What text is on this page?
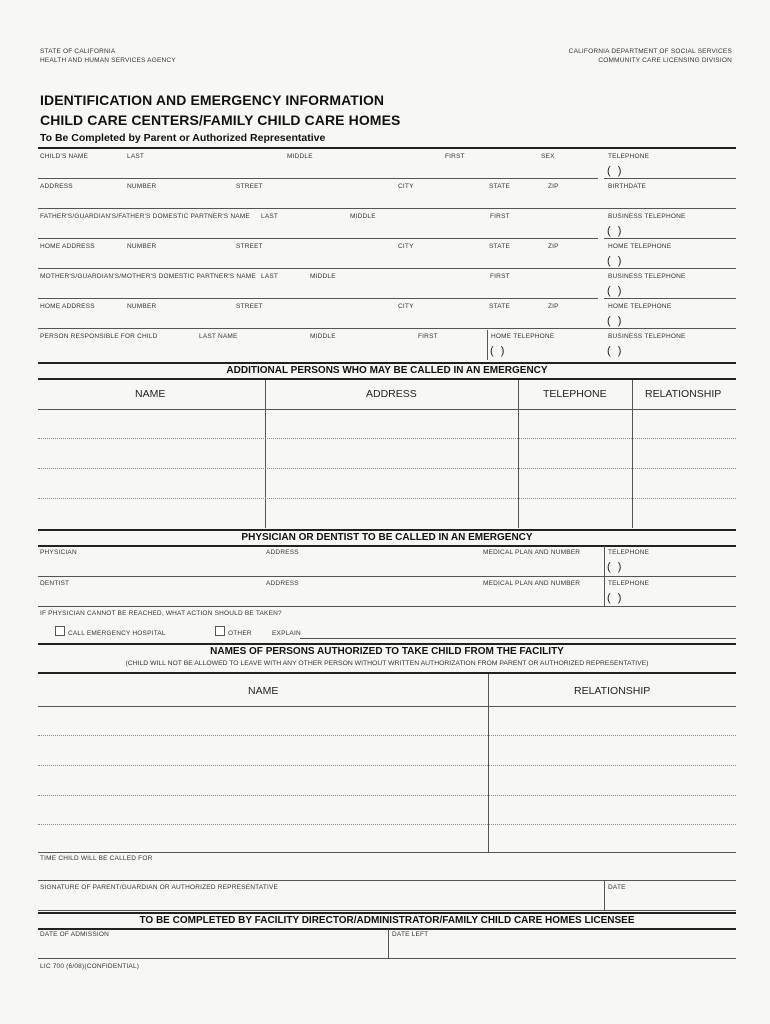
STATE OF CALIFORNIA
HEALTH AND HUMAN SERVICES AGENCY
CALIFORNIA DEPARTMENT OF SOCIAL SERVICES
COMMUNITY CARE LICENSING DIVISION
IDENTIFICATION AND EMERGENCY INFORMATION
CHILD CARE CENTERS/FAMILY CHILD CARE HOMES
To Be Completed by Parent or Authorized Representative
CHILD'S NAME	LAST	MIDDLE	FIRST	SEX	TELEPHONE
( )
ADDRESS	NUMBER	STREET	CITY	STATE	ZIP	BIRTHDATE
FATHER'S/GUARDIAN'S/FATHER'S DOMESTIC PARTNER'S NAME LAST	MIDDLE	FIRST	BUSINESS TELEPHONE
( )
HOME ADDRESS	NUMBER	STREET	CITY	STATE	ZIP	HOME TELEPHONE
( )
MOTHER'S/GUARDIAN'S/MOTHER'S DOMESTIC PARTNER'S NAME LAST	MIDDLE	FIRST	BUSINESS TELEPHONE
( )
HOME ADDRESS	NUMBER	STREET	CITY	STATE	ZIP	HOME TELEPHONE
( )
PERSON RESPONSIBLE FOR CHILD	LAST NAME	MIDDLE	FIRST	HOME TELEPHONE
( )
BUSINESS TELEPHONE
( )
ADDITIONAL PERSONS WHO MAY BE CALLED IN AN EMERGENCY
NAME	ADDRESS	TELEPHONE	RELATIONSHIP
PHYSICIAN OR DENTIST TO BE CALLED IN AN EMERGENCY
PHYSICIAN	ADDRESS	MEDICAL PLAN AND NUMBER	TELEPHONE
( )
DENTIST	ADDRESS	MEDICAL PLAN AND NUMBER	TELEPHONE
( )
IF PHYSICIAN CANNOT BE REACHED, WHAT ACTION SHOULD BE TAKEN?
CALL EMERGENCY HOSPITAL	OTHER	EXPLAIN
NAMES OF PERSONS AUTHORIZED TO TAKE CHILD FROM THE FACILITY
(CHILD WILL NOT BE ALLOWED TO LEAVE WITH ANY OTHER PERSON WITHOUT WRITTEN AUTHORIZATION FROM PARENT OR AUTHORIZED REPRESENTATIVE)
NAME	RELATIONSHIP
TIME CHILD WILL BE CALLED FOR
SIGNATURE OF PARENT/GUARDIAN OR AUTHORIZED REPRESENTATIVE	DATE
TO BE COMPLETED BY FACILITY DIRECTOR/ADMINISTRATOR/FAMILY CHILD CARE HOMES LICENSEE
DATE OF ADMISSION	DATE LEFT
LIC 700 (6/08)(CONFIDENTIAL)
